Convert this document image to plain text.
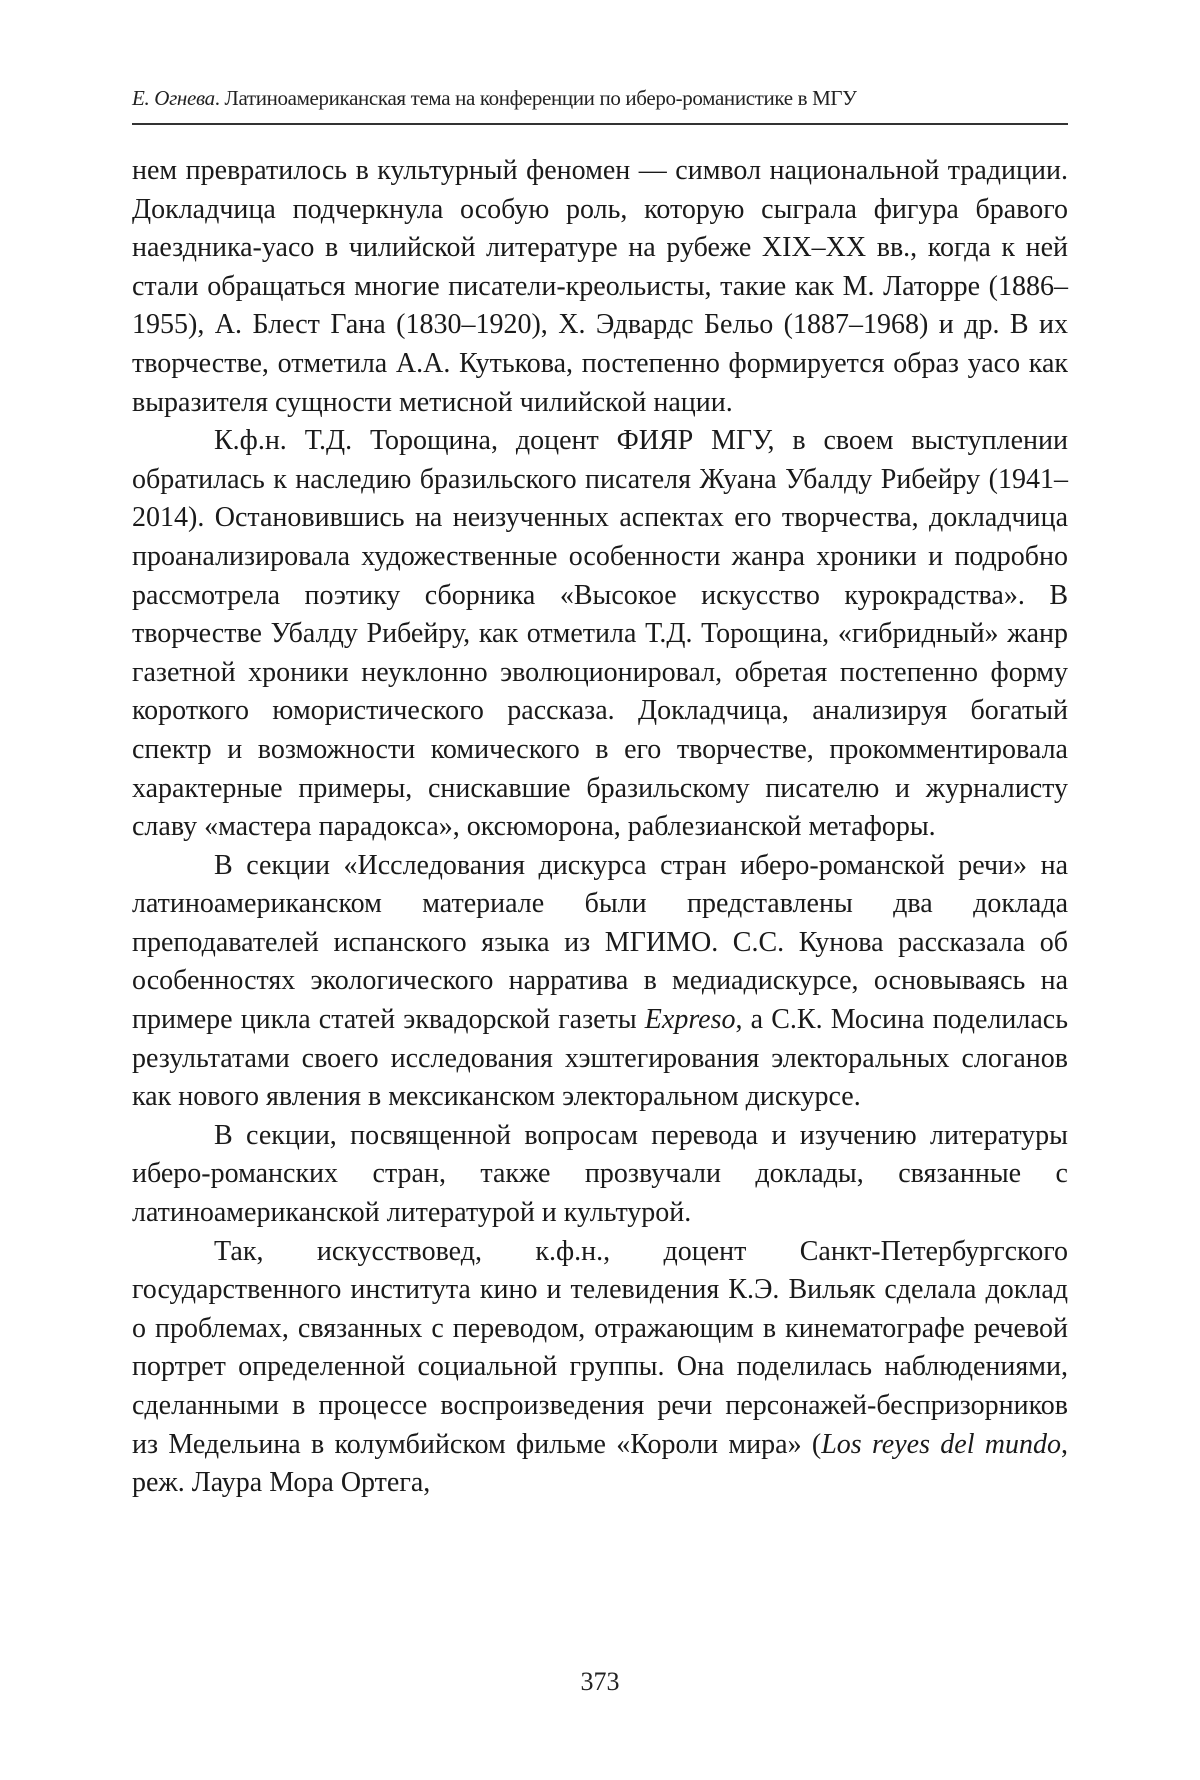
Е. Огнева. Латиноамериканская тема на конференции по иберо-романистике в МГУ

нем превратилось в культурный феномен — символ национальной традиции. Докладчица подчеркнула особую роль, которую сыграла фигура бравого наездника-уасо в чилийской литературе на рубеже XIX–XX вв., когда к ней стали обращаться многие писатели-креольисты, такие как М. Латорре (1886–1955), А. Блест Гана (1830–1920), Х. Эдвардс Бельо (1887–1968) и др. В их творчестве, отметила А.А. Кутькова, постепенно формируется образ уасо как выразителя сущности метисной чилийской нации.

К.ф.н. Т.Д. Торощина, доцент ФИЯР МГУ, в своем выступлении обратилась к наследию бразильского писателя Жуана Убалду Рибейру (1941–2014). Остановившись на неизученных аспектах его творчества, докладчица проанализировала художественные особенности жанра хроники и подробно рассмотрела поэтику сборника «Высокое искусство курокрадства». В творчестве Убалду Рибейру, как отметила Т.Д. Торощина, «гибридный» жанр газетной хроники неуклонно эволюционировал, обретая постепенно форму короткого юмористического рассказа. Докладчица, анализируя богатый спектр и возможности комического в его творчестве, прокомментировала характерные примеры, снискавшие бразильскому писателю и журналисту славу «мастера парадокса», оксюморона, раблезианской метафоры.

В секции «Исследования дискурса стран иберо-романской речи» на латиноамериканском материале были представлены два доклада преподавателей испанского языка из МГИМО. С.С. Кунова рассказала об особенностях экологического нарратива в медиадискурсе, основываясь на примере цикла статей эквадорской газеты Expreso, а С.К. Мосина поделилась результатами своего исследования хэштегирования электоральных слоганов как нового явления в мексиканском электоральном дискурсе.

В секции, посвященной вопросам перевода и изучению литературы иберо-романских стран, также прозвучали доклады, связанные с латиноамериканской литературой и культурой.

Так, искусствовед, к.ф.н., доцент Санкт-Петербургского государственного института кино и телевидения К.Э. Вильяк сделала доклад о проблемах, связанных с переводом, отражающим в кинематографе речевой портрет определенной социальной группы. Она поделилась наблюдениями, сделанными в процессе воспроизведения речи персонажей-беспризорников из Медельина в колумбийском фильме «Короли мира» (Los reyes del mundo, реж. Лаура Мора Ортега,

373
